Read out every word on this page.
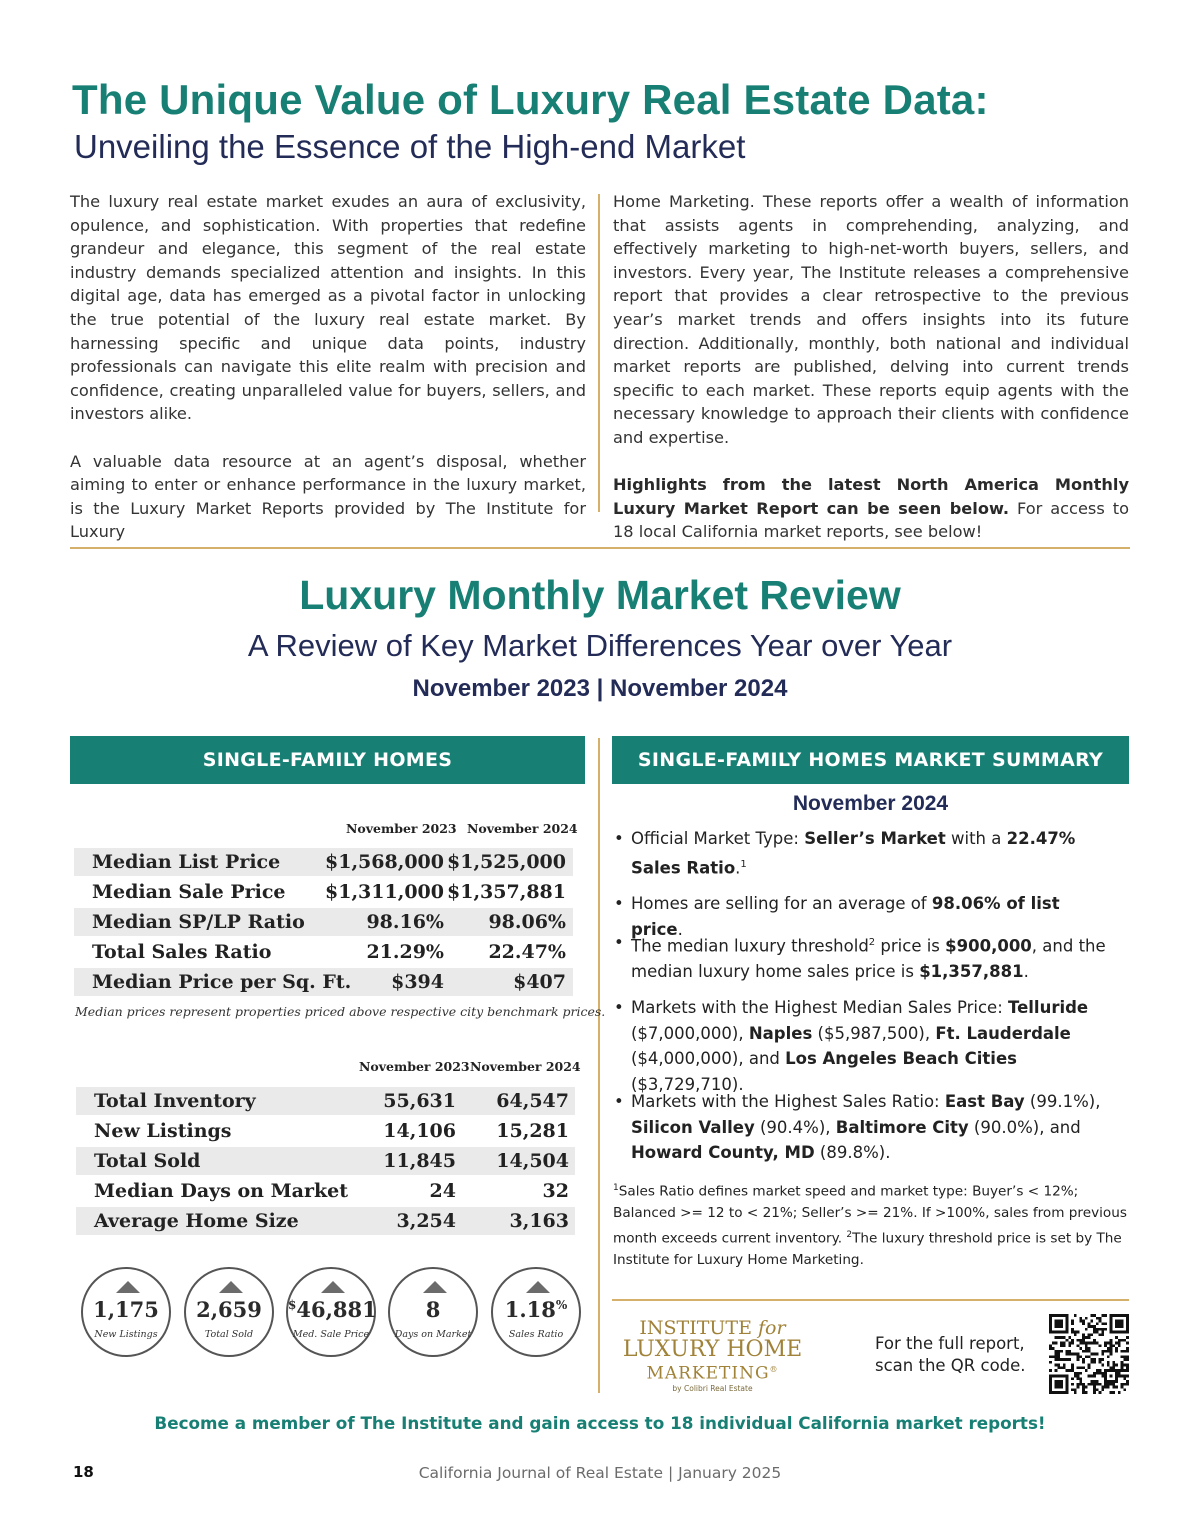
The Unique Value of Luxury Real Estate Data:
Unveiling the Essence of the High-end Market

The luxury real estate market exudes an aura of exclusivity, opulence, and sophistication. With properties that redefine grandeur and elegance, this segment of the real estate industry demands specialized attention and insights. In this digital age, data has emerged as a pivotal factor in unlocking the true potential of the luxury real estate market. By harnessing specific and unique data points, industry professionals can navigate this elite realm with precision and confidence, creating unparalleled value for buyers, sellers, and investors alike.

A valuable data resource at an agent’s disposal, whether aiming to enter or enhance performance in the luxury market, is the Luxury Market Reports provided by The Institute for Luxury

Home Marketing. These reports offer a wealth of information that assists agents in comprehending, analyzing, and effectively marketing to high-net-worth buyers, sellers, and investors. Every year, The Institute releases a comprehensive report that provides a clear retrospective to the previous year’s market trends and offers insights into its future direction. Additionally, monthly, both national and individual market reports are published, delving into current trends specific to each market. These reports equip agents with the necessary knowledge to approach their clients with confidence and expertise.

Highlights from the latest North America Monthly Luxury Market Report can be seen below. For access to 18 local California market reports, see below!

Luxury Monthly Market Review
A Review of Key Market Differences Year over Year
November 2023 | November 2024
SINGLE-FAMILY HOMES	SINGLE-FAMILY HOMES MARKET SUMMARY
November 2023 November 2024
Median List Price $1,568,000 $1,525,000
Median Sale Price $1,311,000 $1,357,881
Median SP/LP Ratio	98.16% 98.06%
Total Sales Ratio	21.29% 22.47%
Median Price per Sq. Ft. $394	$407
Median prices represent properties priced above respective city benchmark prices.
November 2023 November 2024
Total Inventory	55,631 64,547
New Listings	14,106 15,281
Total Sold	11,845 14,504
Median Days on Market	24	32
Average Home Size	3,254	3,163
1,175
New Listings
2,659
Total Sold
$46,881
Med. Sale Price
8
Days on Market
1.18%
Sales Ratio
November 2024
• Official Market Type: Seller’s Market with a 22.47% Sales Ratio.$^1$
• Homes are selling for an average of 98.06% of list price.
• The median luxury threshold$^2$ price is $900,000, and the median luxury home sales price is $1,357,881.
• Markets with the Highest Median Sales Price: Telluride ($7,000,000), Naples ($5,987,500), Ft. Lauderdale ($4,000,000), and Los Angeles Beach Cities ($3,729,710).
• Markets with the Highest Sales Ratio: East Bay (99.1%), Silicon Valley (90.4%), Baltimore City (90.0%), and Howard County, MD (89.8%).
$^1$Sales Ratio defines market speed and market type: Buyer’s < 12%; Balanced >= 12 to < 21%; Seller’s >= 21%. If >100%, sales from previous month exceeds current inventory. $^2$The luxury threshold price is set by The Institute for Luxury Home Marketing.
INSTITUTE for
LUXURY HOME
MARKETING®
by Colibri Real Estate
For the full report,
scan the QR code.
Become a member of The Institute and gain access to 18 individual California market reports!
18	California Journal of Real Estate | January 2025
